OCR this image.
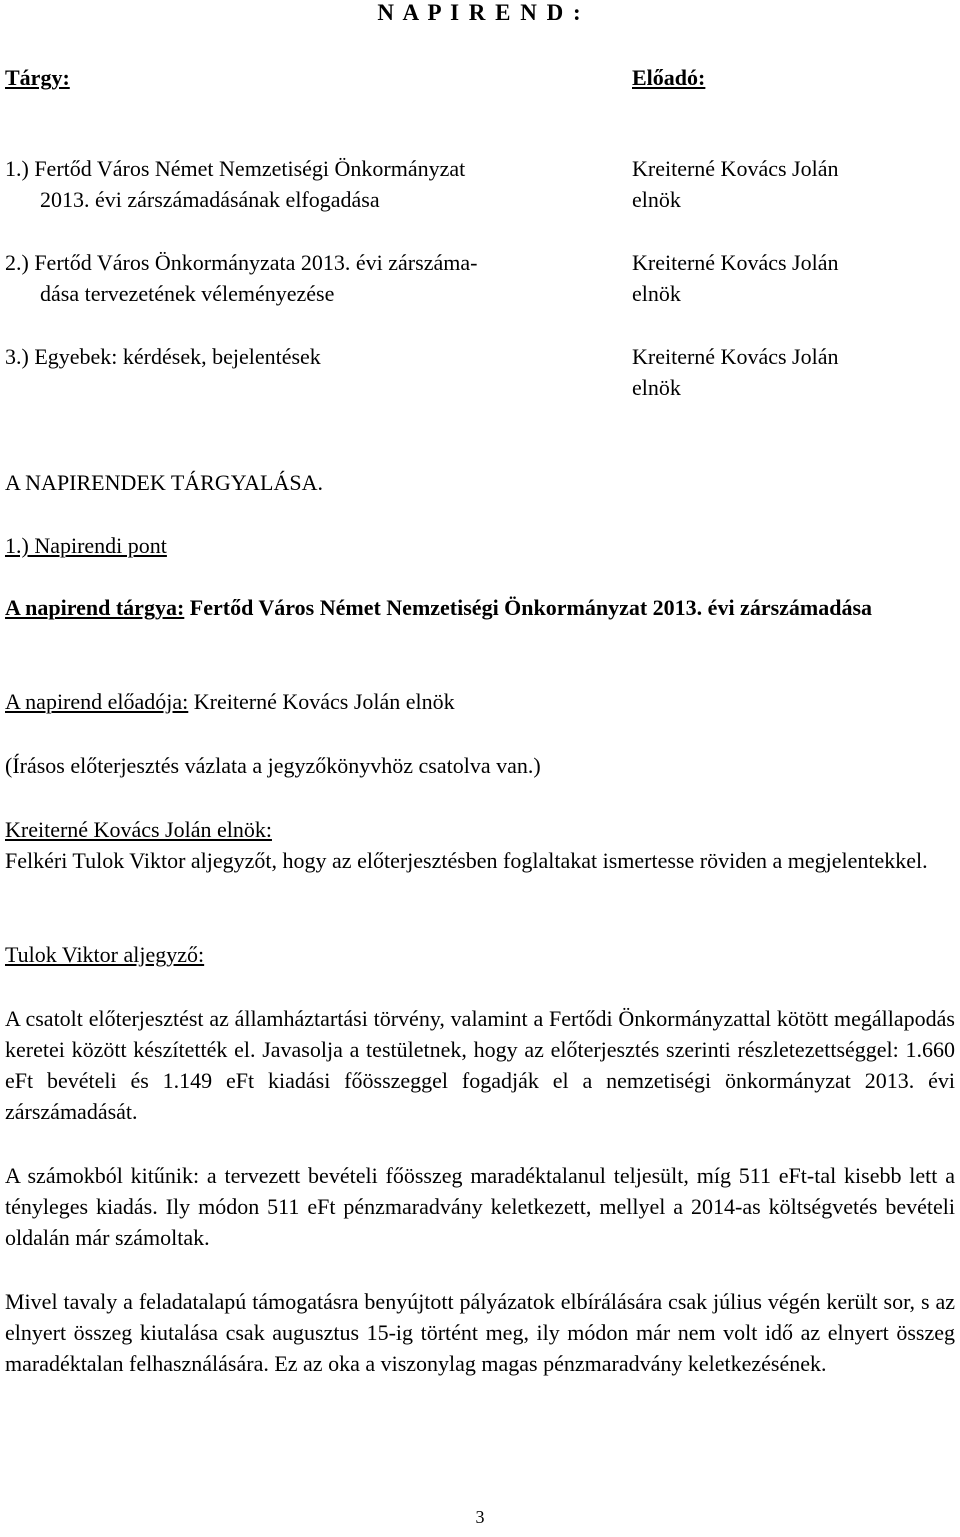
N A P I R E N D :
Tárgy:	Előadó:
1.) Fertőd Város Német Nemzetiségi Önkormányzat
2013. évi zárszámadásának elfogadása
Kreiterné Kovács Jolán
elnök
2.) Fertőd Város Önkormányzata 2013. évi zárszáma-
dása tervezetének véleményezése
Kreiterné Kovács Jolán
elnök
3.) Egyebek: kérdések, bejelentések	Kreiterné Kovács Jolán
elnök
A NAPIRENDEK TÁRGYALÁSA.
1.) Napirendi pont
A napirend tárgya: Fertőd Város Német Nemzetiségi Önkormányzat 2013. évi zárszámadása
A napirend előadója: Kreiterné Kovács Jolán elnök
(Írásos előterjesztés vázlata a jegyzőkönyvhöz csatolva van.)
Kreiterné Kovács Jolán elnök:
Felkéri Tulok Viktor aljegyzőt, hogy az előterjesztésben foglaltakat ismertesse röviden a megjelentekkel.
Tulok Viktor aljegyző:
A csatolt előterjesztést az államháztartási törvény, valamint a Fertődi Önkormányzattal kötött megállapodás keretei között készítették el. Javasolja a testületnek, hogy az előterjesztés szerinti részletezettséggel: 1.660 eFt bevételi és 1.149 eFt kiadási főösszeggel fogadják el a nemzetiségi önkormányzat 2013. évi zárszámadását.
A számokból kitűnik: a tervezett bevételi főösszeg maradéktalanul teljesült, míg 511 eFt-tal kisebb lett a tényleges kiadás. Ily módon 511 eFt pénzmaradvány keletkezett, mellyel a 2014-as költségvetés bevételi oldalán már számoltak.
Mivel tavaly a feladatalapú támogatásra benyújtott pályázatok elbírálására csak július végén került sor, s az elnyert összeg kiutalása csak augusztus 15-ig történt meg, ily módon már nem volt idő az elnyert összeg maradéktalan felhasználására. Ez az oka a viszonylag magas pénzmaradvány keletkezésének.
3
